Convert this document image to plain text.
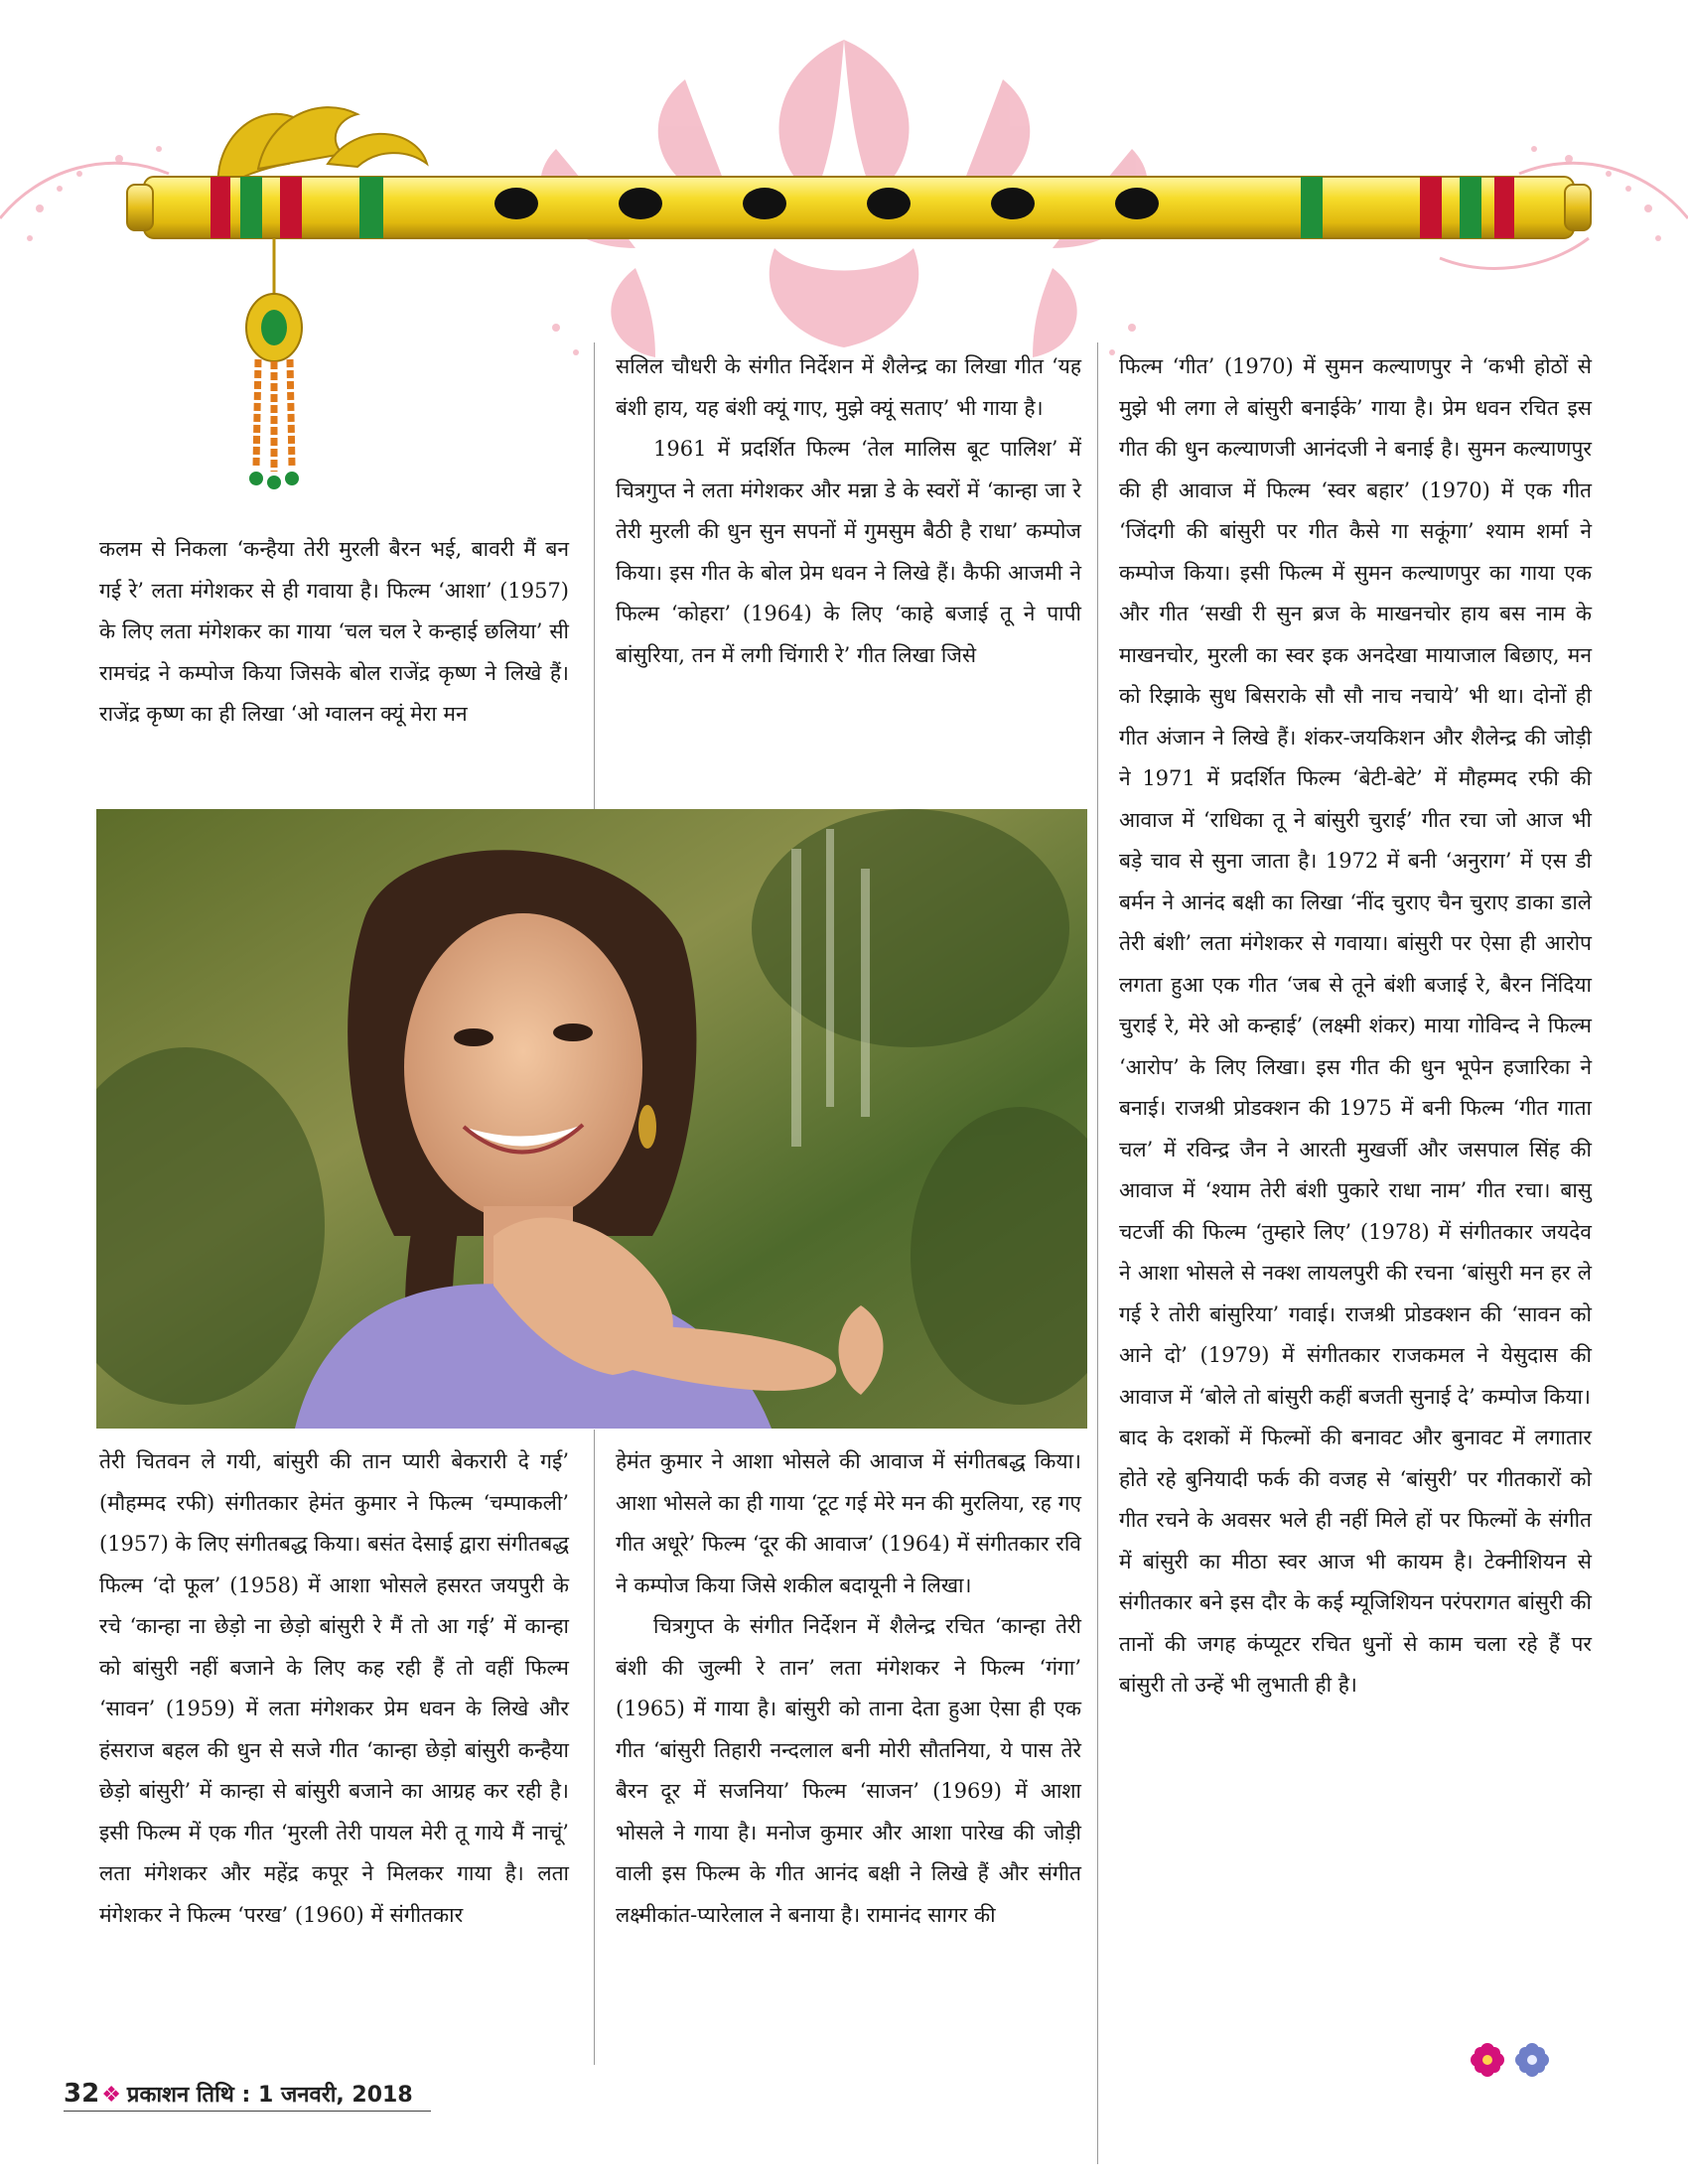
कलम से निकला ‘कन्हैया तेरी मुरली बैरन भई, बावरी मैं बन गई रे’ लता मंगेशकर से ही गवाया है। फिल्म ‘आशा’ (1957) के लिए लता मंगेशकर का गाया ‘चल चल रे कन्हाई छलिया’ सी रामचंद्र ने कम्पोज किया जिसके बोल राजेंद्र कृष्ण ने लिखे हैं। राजेंद्र कृष्ण का ही लिखा ‘ओ ग्वालन क्यूं मेरा मन

सलिल चौधरी के संगीत निर्देशन में शैलेन्द्र का लिखा गीत ‘यह बंशी हाय, यह बंशी क्यूं गाए, मुझे क्यूं सताए’ भी गाया है।

1961 में प्रदर्शित फिल्म ‘तेल मालिस बूट पालिश’ में चित्रगुप्त ने लता मंगेशकर और मन्ना डे के स्वरों में ‘कान्हा जा रे तेरी मुरली की धुन सुन सपनों में गुमसुम बैठी है राधा’ कम्पोज किया। इस गीत के बोल प्रेम धवन ने लिखे हैं। कैफी आजमी ने फिल्म ‘कोहरा’ (1964) के लिए ‘काहे बजाई तू ने पापी बांसुरिया, तन में लगी चिंगारी रे’ गीत लिखा जिसे

तेरी चितवन ले गयी, बांसुरी की तान प्यारी बेकरारी दे गई’ (मौहम्मद रफी) संगीतकार हेमंत कुमार ने फिल्म ‘चम्पाकली’ (1957) के लिए संगीतबद्ध किया। बसंत देसाई द्वारा संगीतबद्ध फिल्म ‘दो फूल’ (1958) में आशा भोसले हसरत जयपुरी के रचे ‘कान्हा ना छेड़ो ना छेड़ो बांसुरी रे मैं तो आ गई’ में कान्हा को बांसुरी नहीं बजाने के लिए कह रही हैं तो वहीं फिल्म ‘सावन’ (1959) में लता मंगेशकर प्रेम धवन के लिखे और हंसराज बहल की धुन से सजे गीत ‘कान्हा छेड़ो बांसुरी कन्हैया छेड़ो बांसुरी’ में कान्हा से बांसुरी बजाने का आग्रह कर रही है। इसी फिल्म में एक गीत ‘मुरली तेरी पायल मेरी तू गाये मैं नाचूं’ लता मंगेशकर और महेंद्र कपूर ने मिलकर गाया है। लता मंगेशकर ने फिल्म ‘परख’ (1960) में संगीतकार

हेमंत कुमार ने आशा भोसले की आवाज में संगीतबद्ध किया। आशा भोसले का ही गाया ‘टूट गई मेरे मन की मुरलिया, रह गए गीत अधूरे’ फिल्म ‘दूर की आवाज’ (1964) में संगीतकार रवि ने कम्पोज किया जिसे शकील बदायूनी ने लिखा।

चित्रगुप्त के संगीत निर्देशन में शैलेन्द्र रचित ‘कान्हा तेरी बंशी की जुल्मी रे तान’ लता मंगेशकर ने फिल्म ‘गंगा’ (1965) में गाया है। बांसुरी को ताना देता हुआ ऐसा ही एक गीत ‘बांसुरी तिहारी नन्दलाल बनी मोरी सौतनिया, ये पास तेरे बैरन दूर में सजनिया’ फिल्म ‘साजन’ (1969) में आशा भोसले ने गाया है। मनोज कुमार और आशा पारेख की जोड़ी वाली इस फिल्म के गीत आनंद बक्षी ने लिखे हैं और संगीत लक्ष्मीकांत-प्यारेलाल ने बनाया है। रामानंद सागर की

फिल्म ‘गीत’ (1970) में सुमन कल्याणपुर ने ‘कभी होठों से मुझे भी लगा ले बांसुरी बनाईके’ गाया है। प्रेम धवन रचित इस गीत की धुन कल्याणजी आनंदजी ने बनाई है। सुमन कल्याणपुर की ही आवाज में फिल्म ‘स्वर बहार’ (1970) में एक गीत ‘जिंदगी की बांसुरी पर गीत कैसे गा सकूंगा’ श्याम शर्मा ने कम्पोज किया। इसी फिल्म में सुमन कल्याणपुर का गाया एक और गीत ‘सखी री सुन ब्रज के माखनचोर हाय बस नाम के माखनचोर, मुरली का स्वर इक अनदेखा मायाजाल बिछाए, मन को रिझाके सुध बिसराके सौ सौ नाच नचाये’ भी था। दोनों ही गीत अंजान ने लिखे हैं। शंकर-जयकिशन और शैलेन्द्र की जोड़ी ने 1971 में प्रदर्शित फिल्म ‘बेटी-बेटे’ में मौहम्मद रफी की आवाज में ‘राधिका तू ने बांसुरी चुराई’ गीत रचा जो आज भी बड़े चाव से सुना जाता है। 1972 में बनी ‘अनुराग’ में एस डी बर्मन ने आनंद बक्षी का लिखा ‘नींद चुराए चैन चुराए डाका डाले तेरी बंशी’ लता मंगेशकर से गवाया। बांसुरी पर ऐसा ही आरोप लगता हुआ एक गीत ‘जब से तूने बंशी बजाई रे, बैरन निंदिया चुराई रे, मेरे ओ कन्हाई’ (लक्ष्मी शंकर) माया गोविन्द ने फिल्म ‘आरोप’ के लिए लिखा। इस गीत की धुन भूपेन हजारिका ने बनाई। राजश्री प्रोडक्शन की 1975 में बनी फिल्म ‘गीत गाता चल’ में रविन्द्र जैन ने आरती मुखर्जी और जसपाल सिंह की आवाज में ‘श्याम तेरी बंशी पुकारे राधा नाम’ गीत रचा। बासु चटर्जी की फिल्म ‘तुम्हारे लिए’ (1978) में संगीतकार जयदेव ने आशा भोसले से नक्श लायलपुरी की रचना ‘बांसुरी मन हर ले गई रे तोरी बांसुरिया’ गवाई। राजश्री प्रोडक्शन की ‘सावन को आने दो’ (1979) में संगीतकार राजकमल ने येसुदास की आवाज में ‘बोले तो बांसुरी कहीं बजती सुनाई दे’ कम्पोज किया।

बाद के दशकों में फिल्मों की बनावट और बुनावट में लगातार होते रहे बुनियादी फर्क की वजह से ‘बांसुरी’ पर गीतकारों को गीत रचने के अवसर भले ही नहीं मिले हों पर फिल्मों के संगीत में बांसुरी का मीठा स्वर आज भी कायम है। टेक्नीशियन से संगीतकार बने इस दौर के कई म्यूजिशियन परंपरागत बांसुरी की तानों की जगह कंप्यूटर रचित धुनों से काम चला रहे हैं पर बांसुरी तो उन्हें भी लुभाती ही है।

32❖ प्रकाशन तिथि : 1 जनवरी, 2018
